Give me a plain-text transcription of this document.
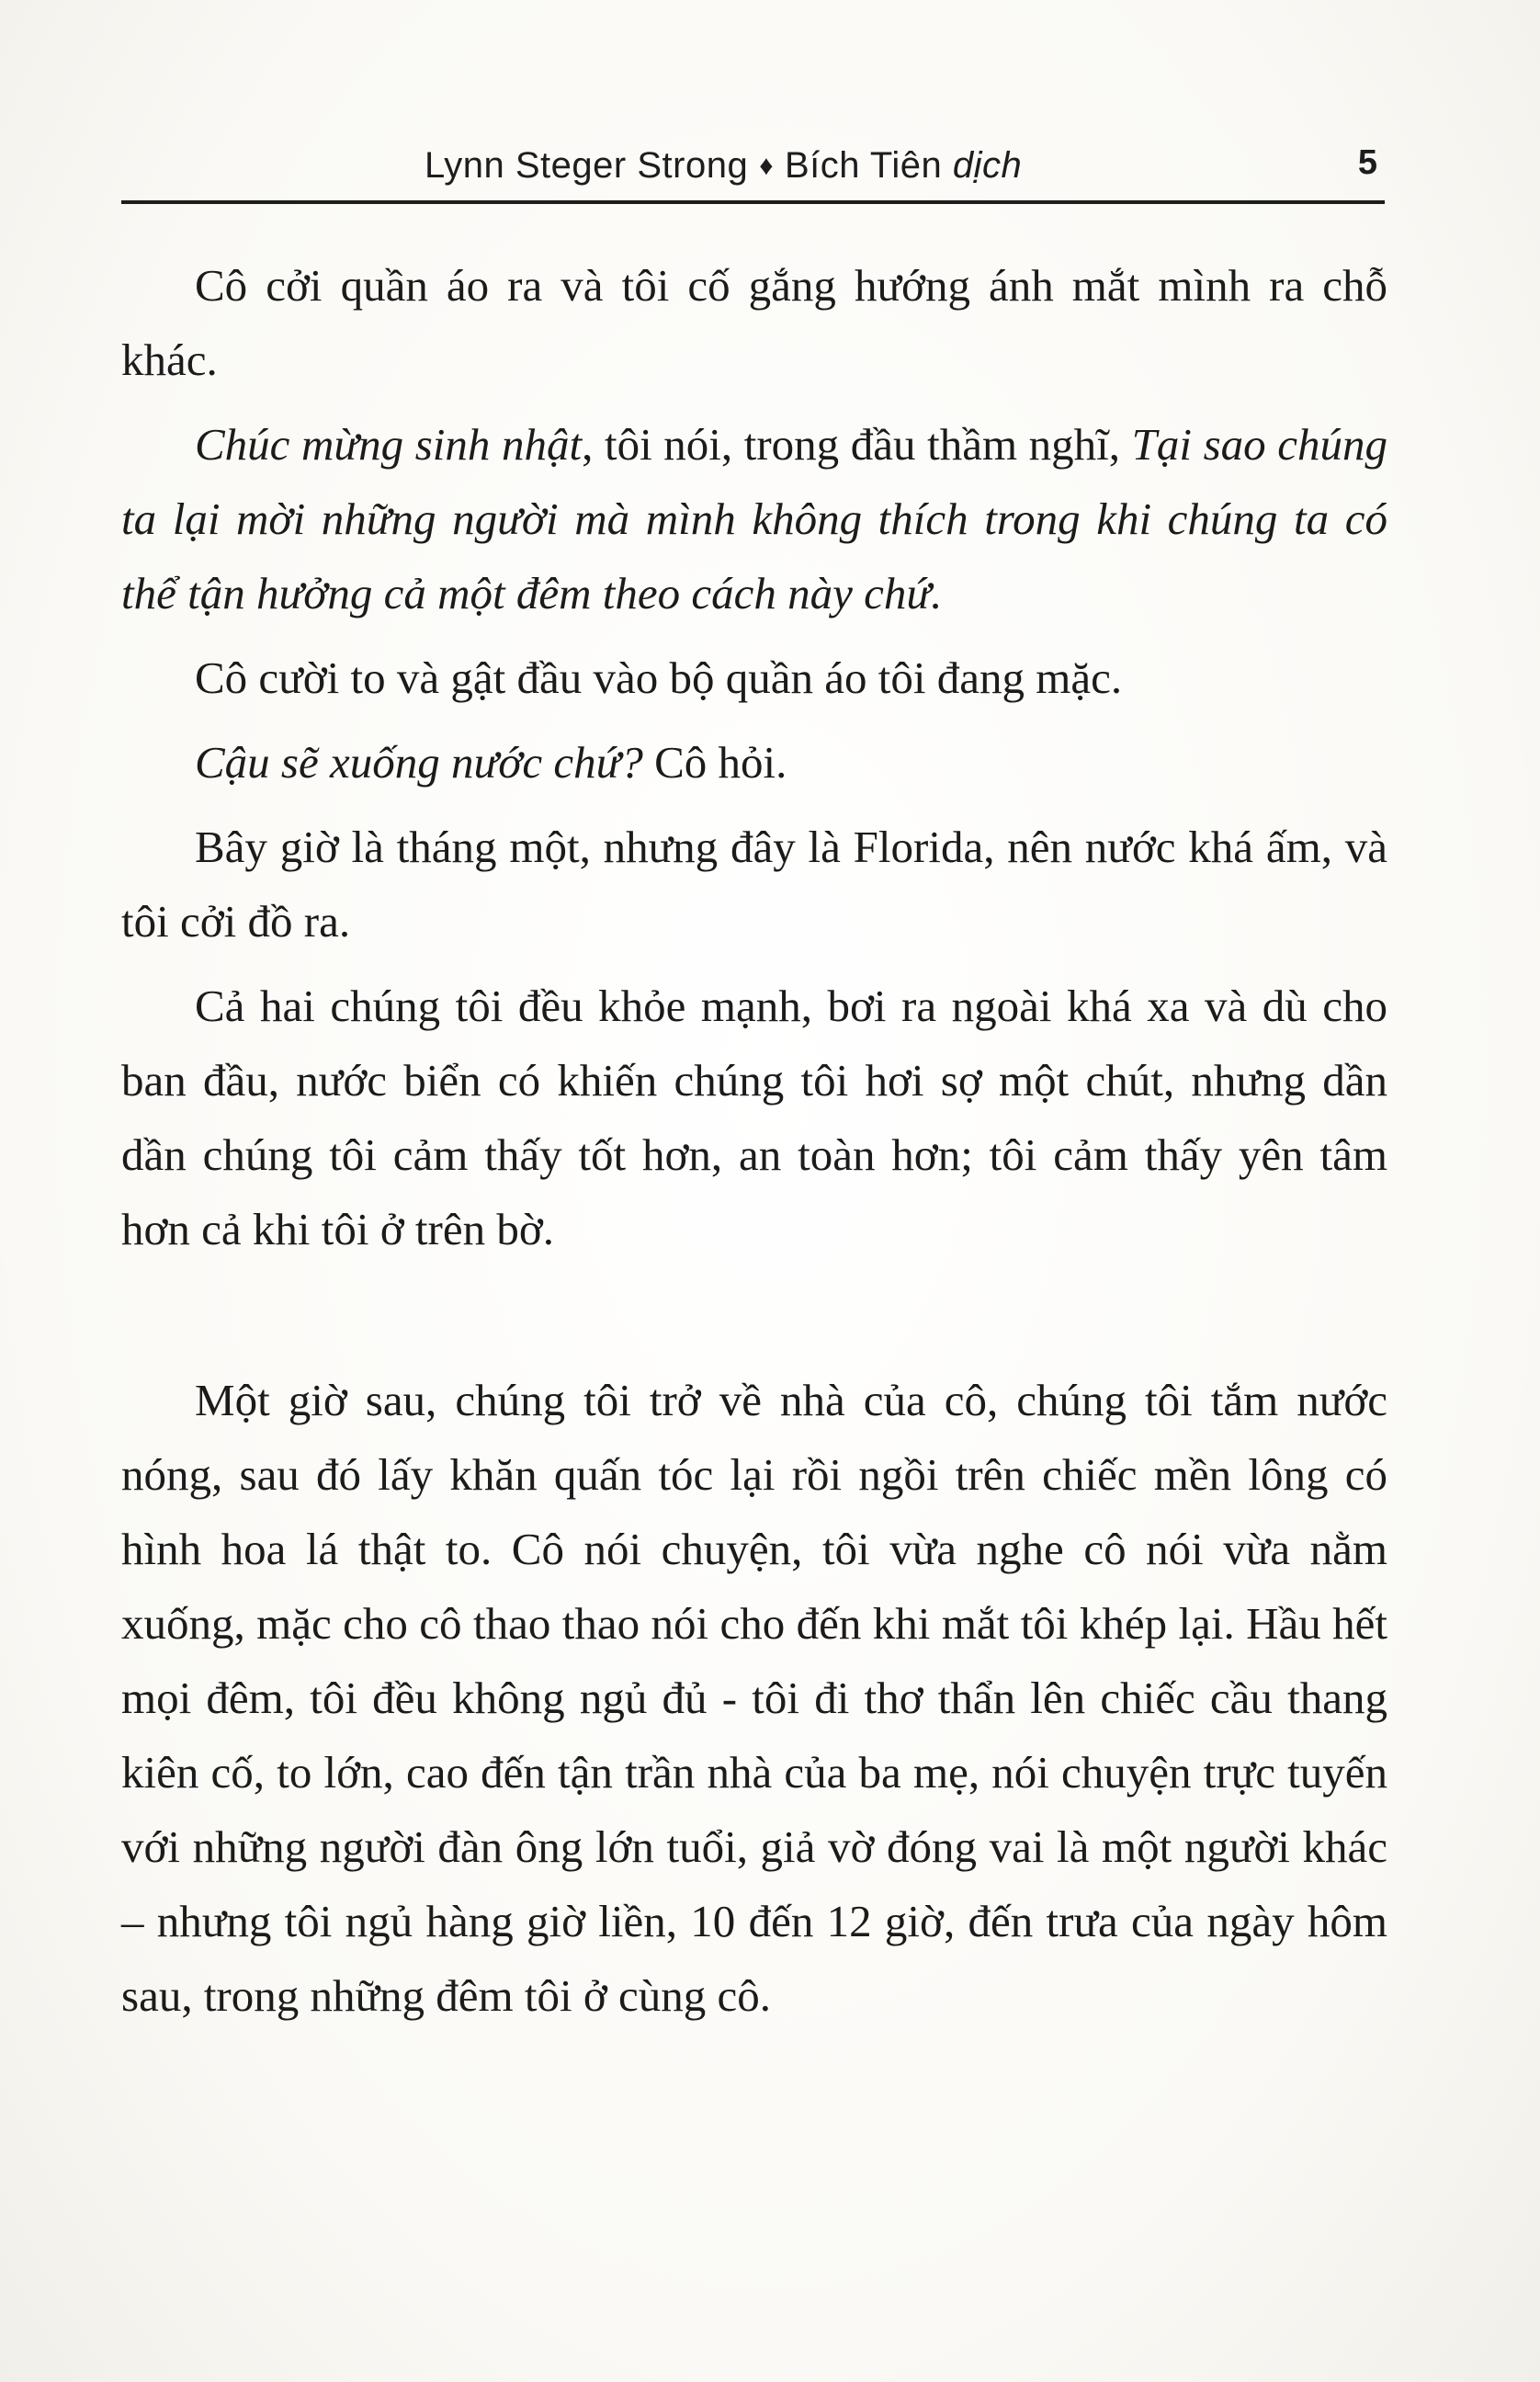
Lynn Steger Strong ♦ Bích Tiên dịch	5

Cô cởi quần áo ra và tôi cố gắng hướng ánh mắt mình ra chỗ khác.

Chúc mừng sinh nhật, tôi nói, trong đầu thầm nghĩ, Tại sao chúng ta lại mời những người mà mình không thích trong khi chúng ta có thể tận hưởng cả một đêm theo cách này chứ.

Cô cười to và gật đầu vào bộ quần áo tôi đang mặc.

Cậu sẽ xuống nước chứ? Cô hỏi.

Bây giờ là tháng một, nhưng đây là Florida, nên nước khá ấm, và tôi cởi đồ ra.

Cả hai chúng tôi đều khỏe mạnh, bơi ra ngoài khá xa và dù cho ban đầu, nước biển có khiến chúng tôi hơi sợ một chút, nhưng dần dần chúng tôi cảm thấy tốt hơn, an toàn hơn; tôi cảm thấy yên tâm hơn cả khi tôi ở trên bờ.

Một giờ sau, chúng tôi trở về nhà của cô, chúng tôi tắm nước nóng, sau đó lấy khăn quấn tóc lại rồi ngồi trên chiếc mền lông có hình hoa lá thật to. Cô nói chuyện, tôi vừa nghe cô nói vừa nằm xuống, mặc cho cô thao thao nói cho đến khi mắt tôi khép lại. Hầu hết mọi đêm, tôi đều không ngủ đủ - tôi đi thơ thẩn lên chiếc cầu thang kiên cố, to lớn, cao đến tận trần nhà của ba mẹ, nói chuyện trực tuyến với những người đàn ông lớn tuổi, giả vờ đóng vai là một người khác – nhưng tôi ngủ hàng giờ liền, 10 đến 12 giờ, đến trưa của ngày hôm sau, trong những đêm tôi ở cùng cô.
